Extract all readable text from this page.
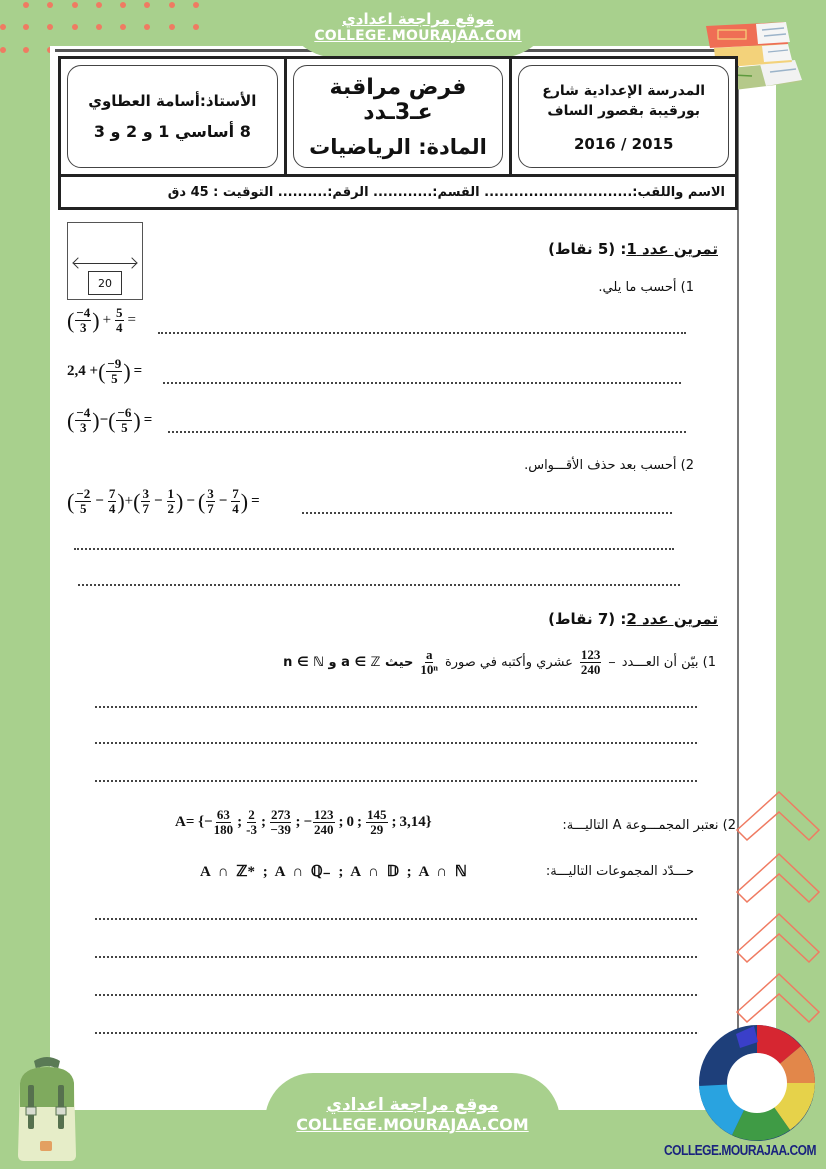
موقع مراجعة اعدادي
COLLEGE.MOURAJAA.COM
الأستاذ:أسامة العطاوي
8 أساسي 1 و 2 و 3
فرض مراقبة عـ3ـدد
المادة: الرياضيات
المدرسة الإعدادية شارع
بورقيبة بقصور الساف
2016 / 2015
الاسم واللقب:.............................. القسم:............ الرقم:.......... التوقيت : 45 دق
20
تمرين عدد 1: (5 نقاط)
1) أحسب ما يلي.
( $\frac{-4}{3}$ ) + $\frac{5}{4}$ =
2,4 + ( $\frac{-9}{5}$ ) =
( $\frac{-4}{3}$ ) − ( $\frac{-6}{5}$ ) =
2) أحسب بعد حذف الأقـــواس.
( $\frac{-2}{5} - \frac{7}{4}$ ) + ( $\frac{3}{7} - \frac{1}{2}$ ) − ( $\frac{3}{7} - \frac{7}{4}$ ) =
تمرين عدد 2: (7 نقاط)
1) بيّن أن العـــدد
−
$\frac{123}{240}$
عشري وأكتبه في صورة
$\frac{a}{\text{10ⁿ}}$
حيث a ∈ ℤ و n ∈ ℕ
2) نعتبر المجمـــوعة A التاليـــة:
A= { − $\frac{63}{180}$ ; $\frac{2}{-3}$ ; $\frac{273}{-39}$ ; − $\frac{123}{240}$ ; 0 ; $\frac{145}{29}$ ; 3,14 }
حـــدّد المجموعات التاليـــة:
A ∩ ℤ* ; A ∩ ℚ₋ ; A ∩ 𝔻 ; A ∩ ℕ
موقع مراجعة اعدادي
COLLEGE.MOURAJAA.COM
COLLEGE.MOURAJAA.COM
